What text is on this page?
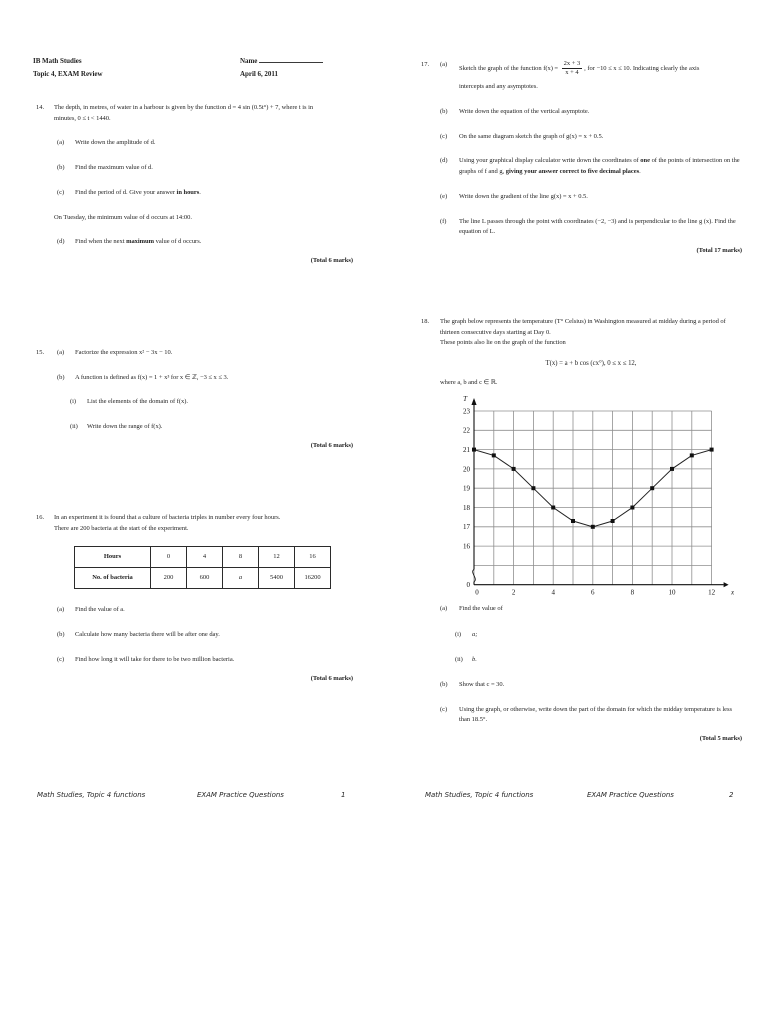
IB Math Studies
Topic 4, EXAM Review
Name
April 6, 2011
14.	The depth, in metres, of water in a harbour is given by the function d = 4 sin (0.5t°) + 7, where t is in
minutes, 0 ≤ t < 1440.
(a)	Write down the amplitude of d.
(b)	Find the maximum value of d.
(c)	Find the period of d. Give your answer in hours.
On Tuesday, the minimum value of d occurs at 14:00.
(d)	Find when the next maximum value of d occurs.
(Total 6 marks)
15.	(a)	Factorize the expression x² − 3x − 10.
(b)	A function is defined as f(x) = 1 + x³ for x ∈ ℤ, −3 ≤ x ≤ 3.
(i)	List the elements of the domain of f(x).
(ii)	Write down the range of f(x).
(Total 6 marks)
16.	In an experiment it is found that a culture of bacteria triples in number every four hours.
There are 200 bacteria at the start of the experiment.
Hours	0	4	8	12	16
No. of bacteria	200	600	a	5400	16200
(a)	Find the value of a.
(b)	Calculate how many bacteria there will be after one day.
(c)	Find how long it will take for there to be two million bacteria.
(Total 6 marks)
Math Studies, Topic 4 functions	EXAM Practice Questions	1
17.	(a)
Sketch the graph of the function $f(x) = \frac{2x + 3}{x + 4}$ , for −10 ≤ x ≤ 10. Indicating clearly the axis
intercepts and any asymptotes.
(b)	Write down the equation of the vertical asymptote.
(c)	On the same diagram sketch the graph of g(x) = x + 0.5.
(d)	Using your graphical display calculator write down the coordinates of one of the points of intersection on the graphs of f and g, giving your answer correct to five decimal places.
(e)	Write down the gradient of the line g(x) = x + 0.5.
(f)	The line L passes through the point with coordinates (−2, −3) and is perpendicular to the line g (x). Find the equation of L.
(Total 17 marks)
18.	The graph below represents the temperature (T° Celsius) in Washington measured at midday during a period of thirteen consecutive days starting at Day 0.
These points also lie on the graph of the function
T(x) = a + b cos (cx°), 0 ≤ x ≤ 12,
where a, b and c ∈ ℝ.
16
17
18
19
20
21
22
23
0
0	2	4	6	8	10	12 x
T
(a)	Find the value of
(i)	a;
(ii)	b.
(b)	Show that c = 30.
(c)	Using the graph, or otherwise, write down the part of the domain for which the midday temperature is less than 18.5°.
(Total 5 marks)
Math Studies, Topic 4 functions	EXAM Practice Questions	2
